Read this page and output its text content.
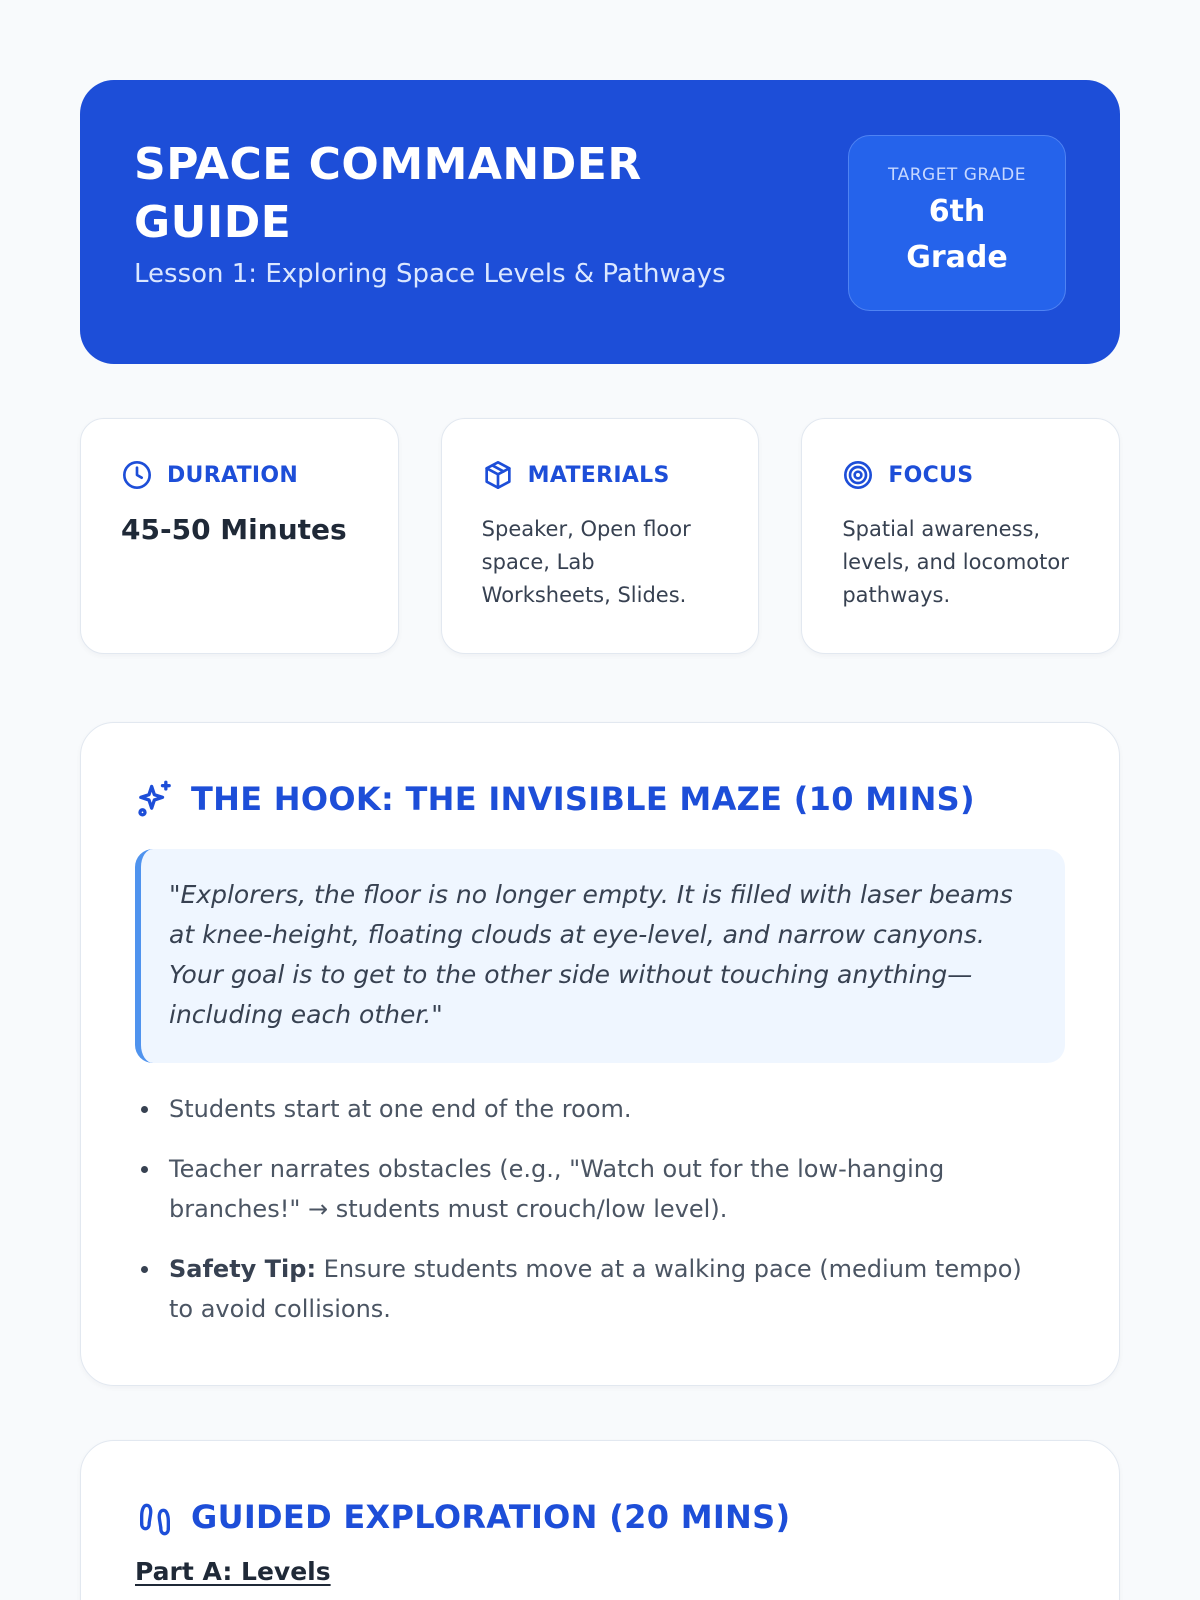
SPACE COMMANDER
GUIDE
Lesson 1: Exploring Space Levels & Pathways
TARGET GRADE
6th Grade
DURATION
45-50 Minutes
MATERIALS
Speaker, Open floor space, Lab Worksheets, Slides.
FOCUS
Spatial awareness, levels, and locomotor pathways.
THE HOOK: THE INVISIBLE MAZE (10 MINS)
"Explorers, the floor is no longer empty. It is filled with laser beams at knee-height, floating clouds at eye-level, and narrow canyons. Your goal is to get to the other side without touching anything—including each other."
Students start at one end of the room.
Teacher narrates obstacles (e.g., "Watch out for the low-hanging branches!" → students must crouch/low level).
Safety Tip: Ensure students move at a walking pace (medium tempo) to avoid collisions.
GUIDED EXPLORATION (20 MINS)
Part A: Levels
